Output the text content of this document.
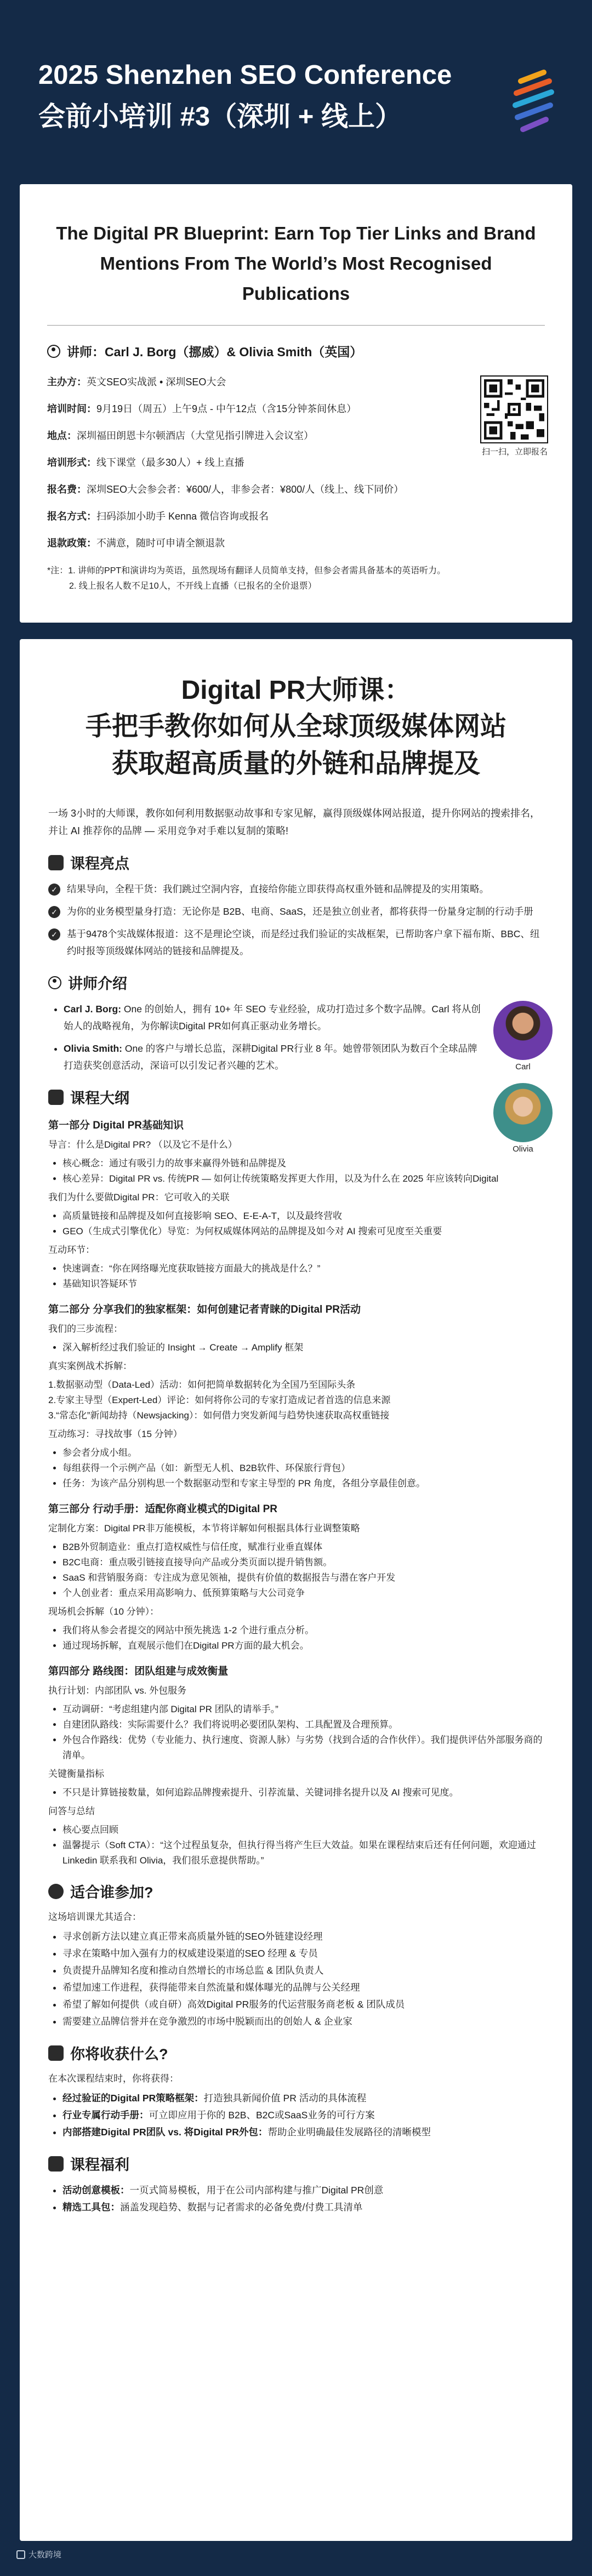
2025 Shenzhen SEO Conference
会前小培训 #3（深圳 + 线上）
The Digital PR Blueprint: Earn Top Tier Links and Brand Mentions From The World’s Most Recognised Publications
讲师：Carl J. Borg（挪威）& Olivia Smith（英国）
主办方：英文SEO实战派 • 深圳SEO大会
培训时间：9月19日（周五）上午9点 - 中午12点（含15分钟茶间休息）
地点：深圳福田朗恩卡尔顿酒店（大堂见指引牌进入会议室）
培训形式：线下课堂（最多30人）+ 线上直播
报名费：深圳SEO大会参会者：¥600/人，非参会者：¥800/人（线上、线下同价）
报名方式：扫码添加小助手 Kenna 微信咨询或报名
退款政策：不满意，随时可申请全额退款
扫一扫，立即报名
*注：1. 讲师的PPT和演讲均为英语，虽然现场有翻译人员简单支持，但参会者需具备基本的英语听力。
2. 线上报名人数不足10人，不开线上直播（已报名的全价退票）
Digital PR大师课：
手把手教你如何从全球顶级媒体网站
获取超高质量的外链和品牌提及
一场 3小时的大师课，教你如何利用数据驱动故事和专家见解，赢得顶级媒体网站报道，提升你网站的搜索排名，并让 AI 推荐你的品牌 — 采用竞争对手难以复制的策略!
课程亮点
✓ 结果导向，全程干货：我们跳过空洞内容，直接给你能立即获得高权重外链和品牌提及的实用策略。
✓ 为你的业务模型量身打造：无论你是 B2B、电商、SaaS，还是独立创业者，都将获得一份量身定制的行动手册
✓ 基于9478个实战媒体报道：这不是理论空谈，而是经过我们验证的实战框架，已帮助客户拿下福布斯、BBC、纽约时报等顶级媒体网站的链接和品牌提及。
讲师介绍
• Carl J. Borg: One 的创始人，拥有 10+ 年 SEO 专业经验，成功打造过多个数字品牌。Carl 将从创始人的战略视角，为你解读Digital PR如何真正驱动业务增长。
• Olivia Smith: One 的客户与增长总监，深耕Digital PR行业 8 年。她曾带领团队为数百个全球品牌打造获奖创意活动，深谙可以引发记者兴趣的艺术。	Carl
Olivia
课程大纲
第一部分 Digital PR基础知识
导言：什么是Digital PR? （以及它不是什么）
• 核心概念：通过有吸引力的故事来赢得外链和品牌提及
• 核心差异：Digital PR vs. 传统PR — 如何让传统策略发挥更大作用，以及为什么在 2025 年应该转向Digital
我们为什么要做Digital PR：它可收入的关联
• 高质量链接和品牌提及如何直接影响 SEO、E-E-A-T，以及最终营收
• GEO（生成式引擎优化）导览：为何权威媒体网站的品牌提及如今对 AI 搜索可见度至关重要
互动环节：
• 快速调查：“你在网络曝光度获取链接方面最大的挑战是什么？”
• 基础知识答疑环节
第二部分 分享我们的独家框架：如何创建记者青睐的Digital PR活动
我们的三步流程：
• 深入解析经过我们验证的 Insight → Create → Amplify 框架
真实案例战术拆解：
1.数据驱动型（Data-Led）活动：如何把简单数据转化为全国乃至国际头条
2.专家主导型（Expert-Led）评论：如何将你公司的专家打造成记者首选的信息来源
3.“常态化”新闻劫持（Newsjacking）：如何借力突发新闻与趋势快速获取高权重链接
互动练习：寻找故事（15 分钟）
• 参会者分成小组。
• 每组获得一个示例产品（如：新型无人机、B2B软件、环保旅行背包）
• 任务：为该产品分别构思一个数据驱动型和专家主导型的 PR 角度，各组分享最佳创意。
第三部分 行动手册：适配你商业模式的Digital PR
定制化方案：Digital PR非万能模板，本节将详解如何根据具体行业调整策略
• B2B外贸制造业：重点打造权威性与信任度，赋准行业垂直媒体
• B2C电商：重点吸引链接直接导向产品或分类页面以提升销售额。
• SaaS 和营销服务商：专注成为意见领袖，提供有价值的数据报告与潜在客户开发
• 个人创业者：重点采用高影响力、低预算策略与大公司竞争
现场机会拆解（10 分钟）：
• 我们将从参会者提交的网站中预先挑选 1-2 个进行重点分析。
• 通过现场拆解，直观展示他们在Digital PR方面的最大机会。
第四部分 路线图：团队组建与成效衡量
执行计划：内部团队 vs. 外包服务
• 互动调研：“考虑组建内部 Digital PR 团队的请举手。”
• 自建团队路线：实际需要什么？我们将说明必要团队架构、工具配置及合理预算。
• 外包合作路线：优势（专业能力、执行速度、资源人脉）与劣势（找到合适的合作伙伴）。我们提供评估外部服务商的清单。
关键衡量指标
• 不只是计算链接数量，如何追踪品牌搜索提升、引荐流量、关键词排名提升以及 AI 搜索可见度。
问答与总结
• 核心要点回顾
• 温馨提示（Soft CTA）：“这个过程虽复杂，但执行得当将产生巨大效益。如果在课程结束后还有任何问题，欢迎通过 Linkedin 联系我和 Olivia，我们很乐意提供帮助。”
适合谁参加?
这场培训课尤其适合：
• 寻求创新方法以建立真正带来高质量外链的SEO外链建设经理
• 寻求在策略中加入强有力的权威建设渠道的SEO 经理 & 专员
• 负责提升品牌知名度和推动自然增长的市场总监 & 团队负责人
• 希望加速工作进程，获得能带来自然流量和媒体曝光的品牌与公关经理
• 希望了解如何提供（或自研）高效Digital PR服务的代运营服务商老板 & 团队成员
• 需要建立品牌信誉并在竞争激烈的市场中脱颖而出的创始人 & 企业家
你将收获什么?
在本次课程结束时，你将获得：
• 经过验证的Digital PR策略框架：打造独具新闻价值 PR 活动的具体流程
• 行业专属行动手册：可立即应用于你的 B2B、B2C或SaaS业务的可行方案
• 内部搭建Digital PR团队 vs. 将Digital PR外包：帮助企业明确最佳发展路径的清晰模型
课程福利
• 活动创意模板：一页式简易模板，用于在公司内部构建与推广Digital PR创意
• 精选工具包：涵盖发现趋势、数据与记者需求的必备免费/付费工具清单
大数跨境
